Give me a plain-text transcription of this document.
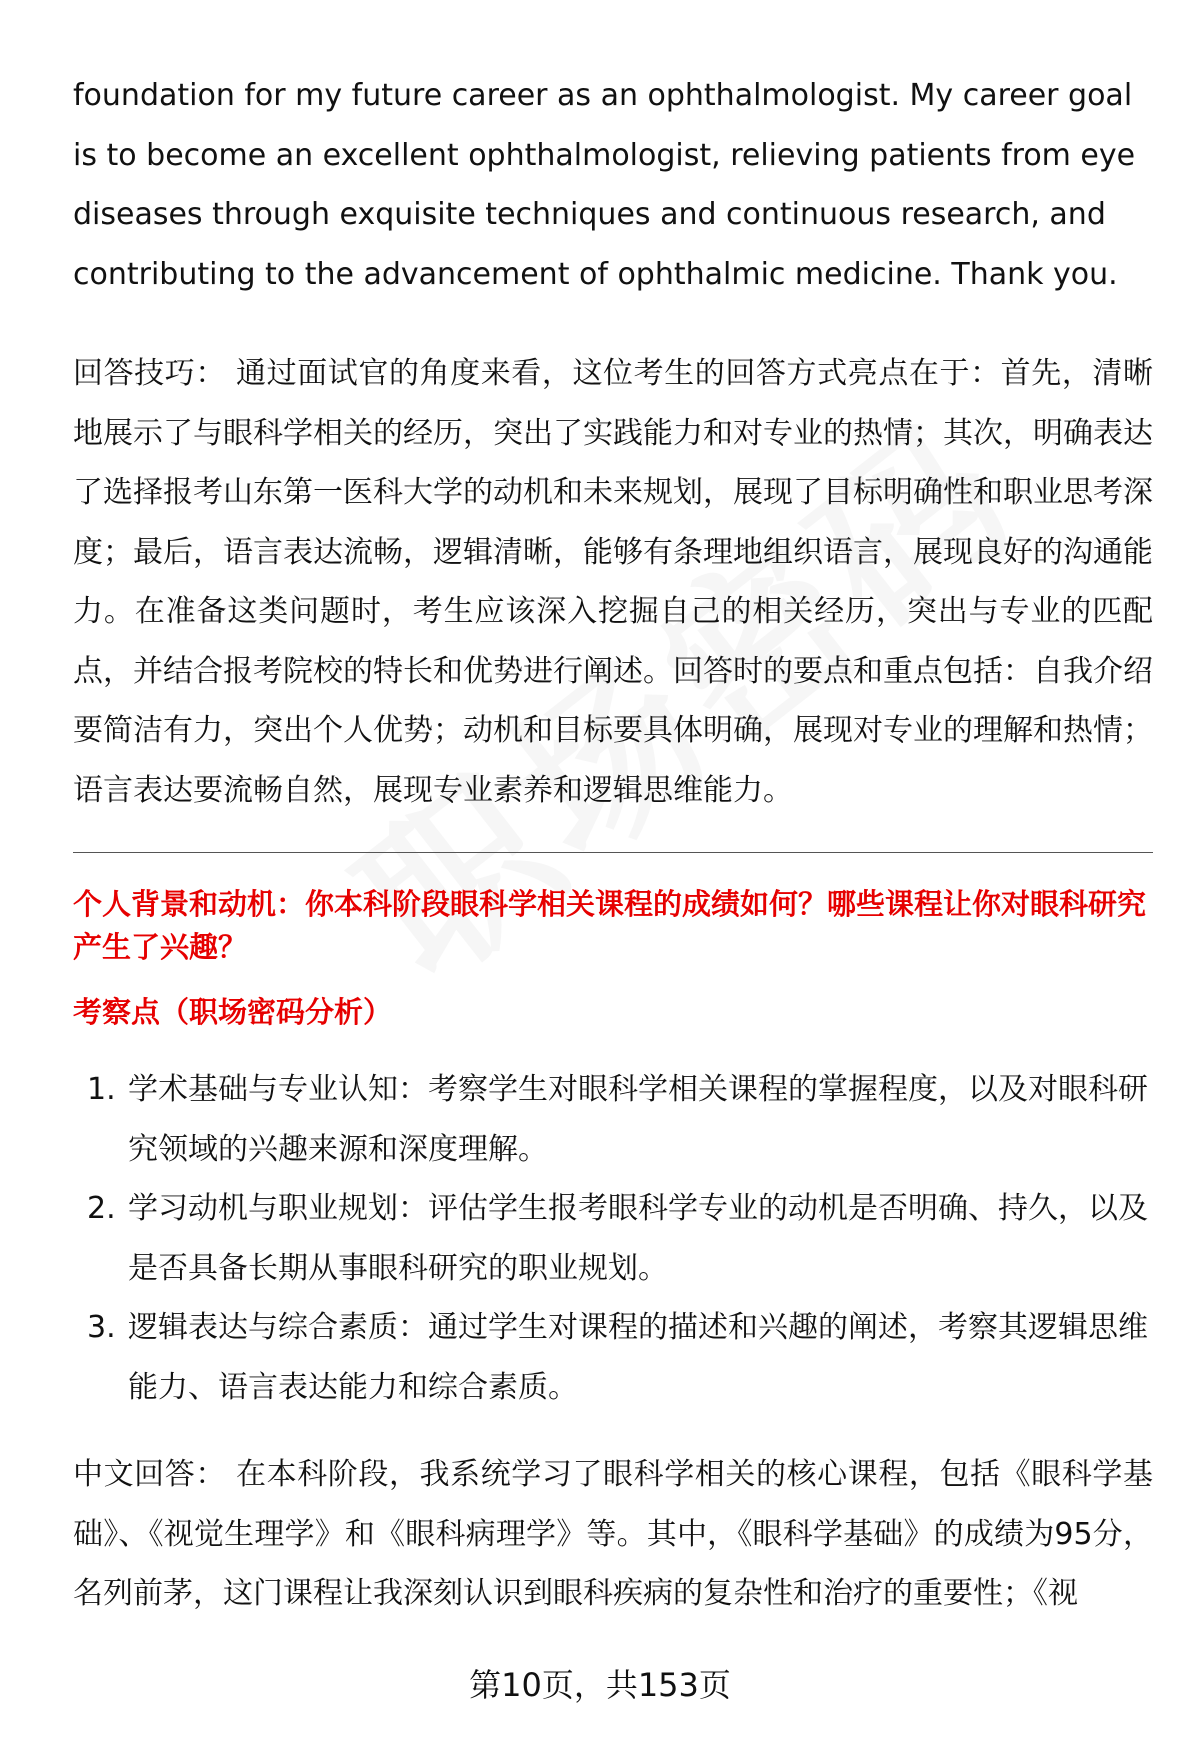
foundation for my future career as an ophthalmologist. My career goal is to become an excellent ophthalmologist, relieving patients from eye diseases through exquisite techniques and continuous research, and contributing to the advancement of ophthalmic medicine. Thank you.

回答技巧： 通过面试官的角度来看，这位考生的回答方式亮点在于：首先，清晰地展示了与眼科学相关的经历，突出了实践能力和对专业的热情；其次，明确表达了选择报考山东第一医科大学的动机和未来规划，展现了目标明确性和职业思考深度；最后，语言表达流畅，逻辑清晰，能够有条理地组织语言，展现良好的沟通能力。在准备这类问题时，考生应该深入挖掘自己的相关经历，突出与专业的匹配点，并结合报考院校的特长和优势进行阐述。回答时的要点和重点包括：自我介绍要简洁有力，突出个人优势；动机和目标要具体明确，展现对专业的理解和热情；语言表达要流畅自然，展现专业素养和逻辑思维能力。

个人背景和动机：你本科阶段眼科学相关课程的成绩如何？哪些课程让你对眼科研究产生了兴趣？
考察点（职场密码分析）
1. 学术基础与专业认知：考察学生对眼科学相关课程的掌握程度，以及对眼科研究领域的兴趣来源和深度理解。
2. 学习动机与职业规划：评估学生报考眼科学专业的动机是否明确、持久，以及是否具备长期从事眼科研究的职业规划。
3. 逻辑表达与综合素质：通过学生对课程的描述和兴趣的阐述，考察其逻辑思维能力、语言表达能力和综合素质。

中文回答： 在本科阶段，我系统学习了眼科学相关的核心课程，包括《眼科学基础》、《视觉生理学》和《眼科病理学》等。其中，《眼科学基础》的成绩为95分，名列前茅，这门课程让我深刻认识到眼科疾病的复杂性和治疗的重要性；《视

第10页，共153页
